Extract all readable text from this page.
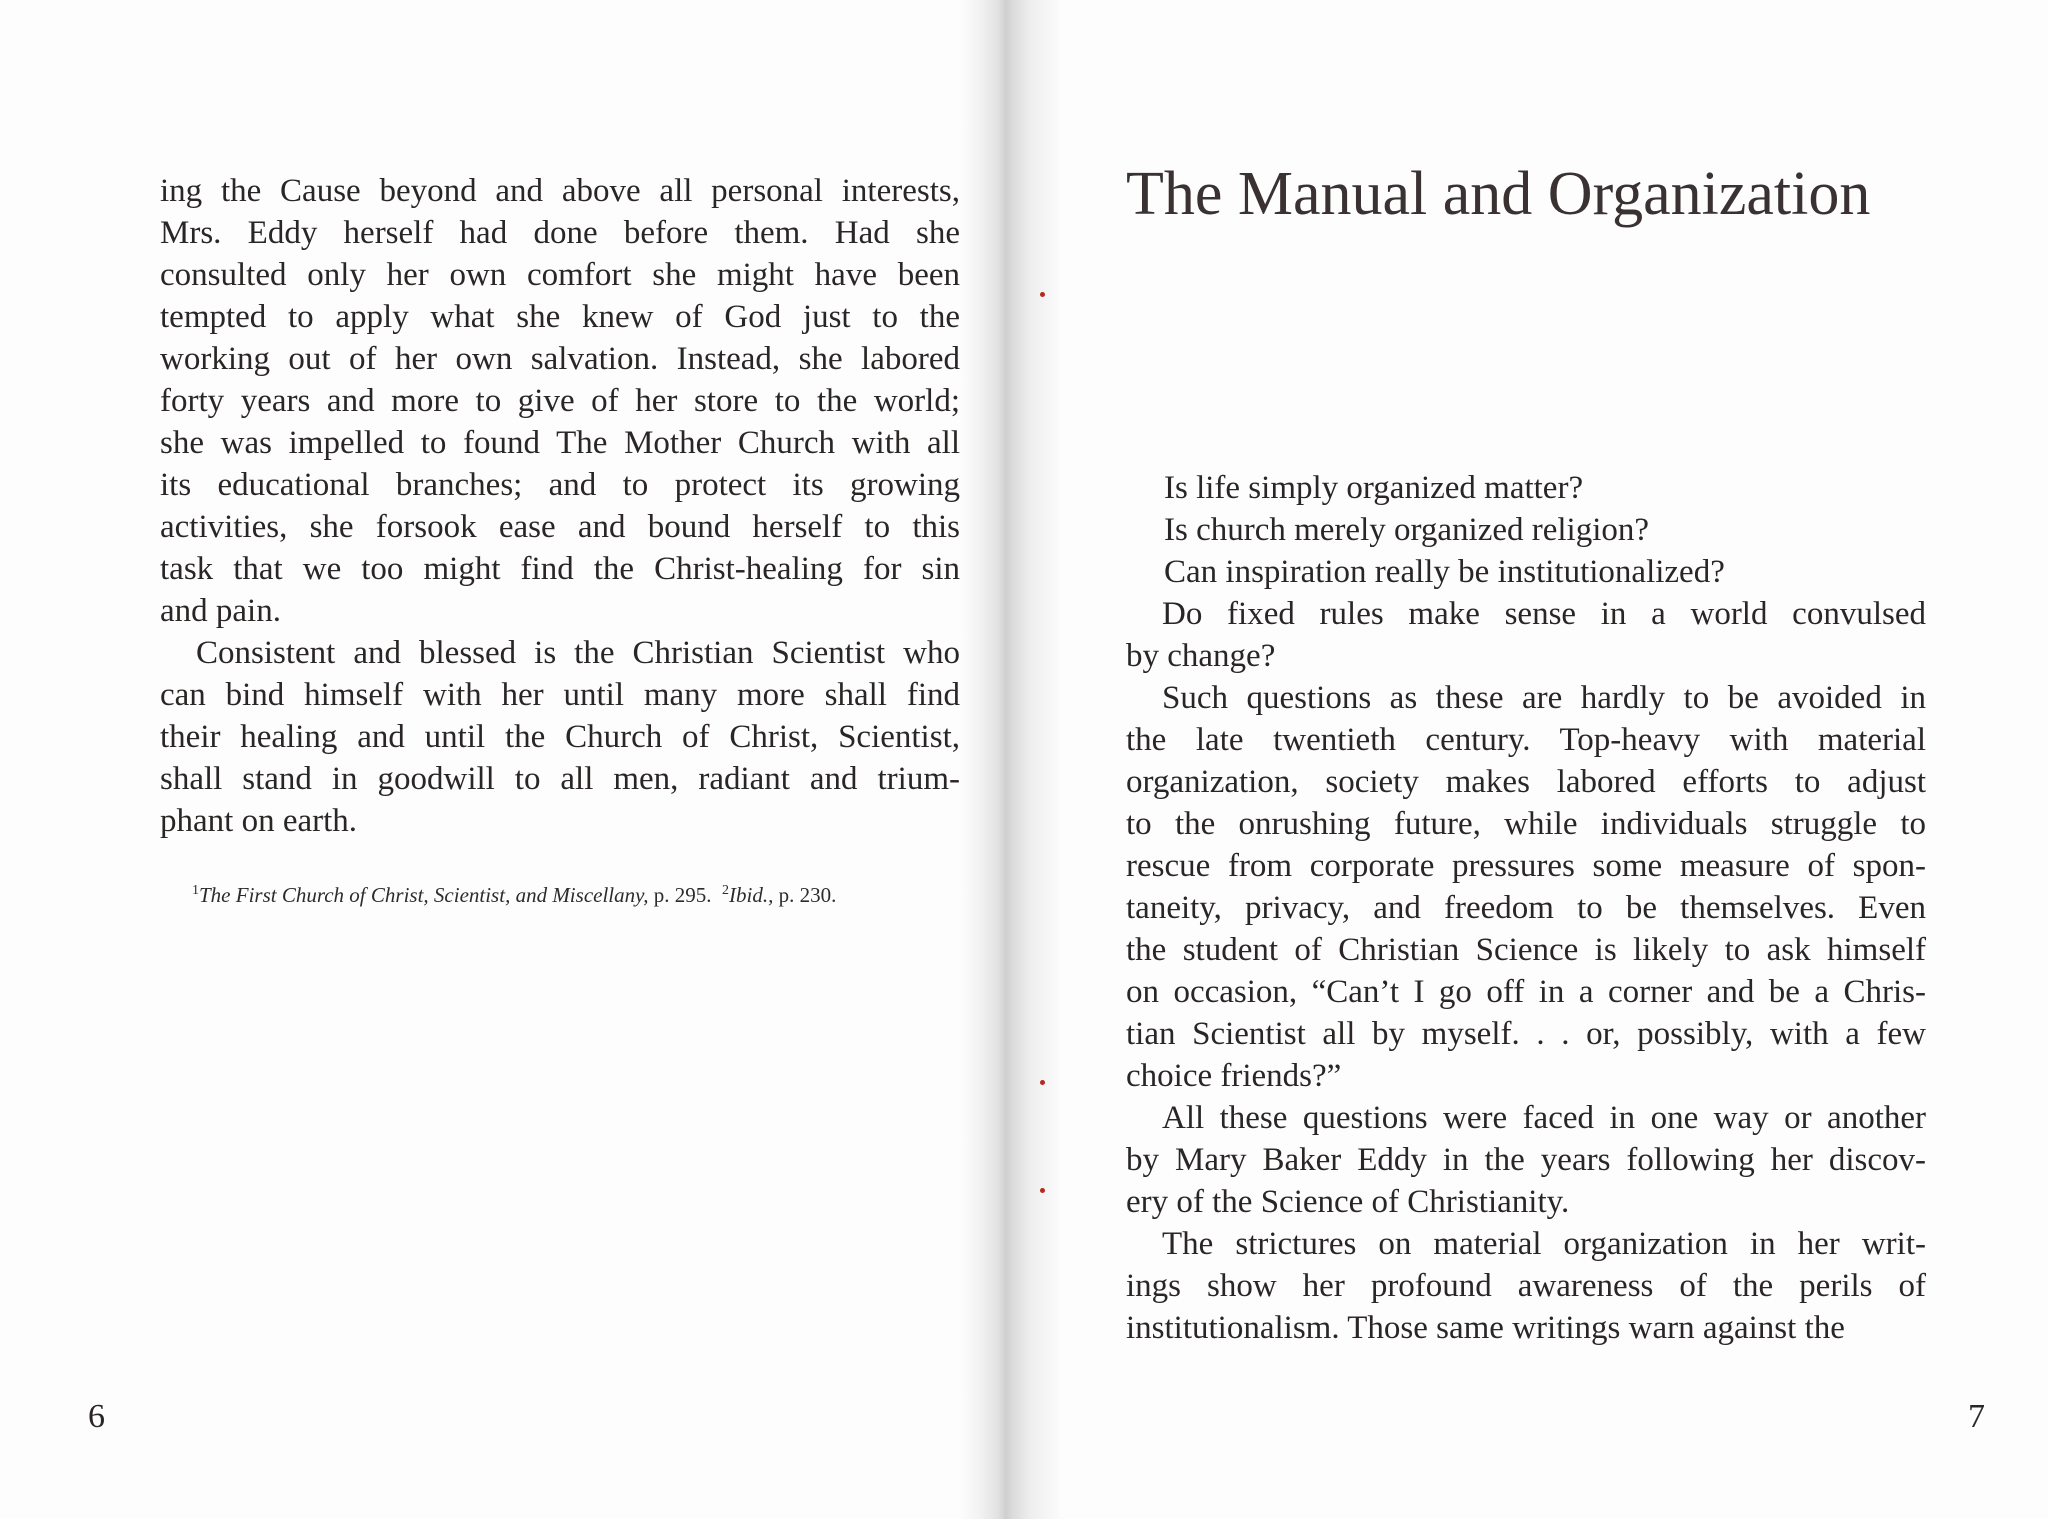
ing the Cause beyond and above all personal interests,
Mrs. Eddy herself had done before them. Had she
consulted only her own comfort she might have been
tempted to apply what she knew of God just to the
working out of her own salvation. Instead, she labored
forty years and more to give of her store to the world;
she was impelled to found The Mother Church with all
its educational branches; and to protect its growing
activities, she forsook ease and bound herself to this
task that we too might find the Christ-healing for sin
and pain.
Consistent and blessed is the Christian Scientist who
can bind himself with her until many more shall find
their healing and until the Church of Christ, Scientist,
shall stand in goodwill to all men, radiant and trium-
phant on earth.
$^1$The First Church of Christ, Scientist, and Miscellany, p. 295.  $^2$Ibid., p. 230.
6
The Manual and Organization
Is life simply organized matter?
Is church merely organized religion?
Can inspiration really be institutionalized?
Do fixed rules make sense in a world convulsed
by change?
Such questions as these are hardly to be avoided in
the late twentieth century. Top-heavy with material
organization, society makes labored efforts to adjust
to the onrushing future, while individuals struggle to
rescue from corporate pressures some measure of spon-
taneity, privacy, and freedom to be themselves. Even
the student of Christian Science is likely to ask himself
on occasion, “Can’t I go off in a corner and be a Chris-
tian Scientist all by myself. . . or, possibly, with a few
choice friends?”
All these questions were faced in one way or another
by Mary Baker Eddy in the years following her discov-
ery of the Science of Christianity.
The strictures on material organization in her writ-
ings show her profound awareness of the perils of
institutionalism. Those same writings warn against the
7
